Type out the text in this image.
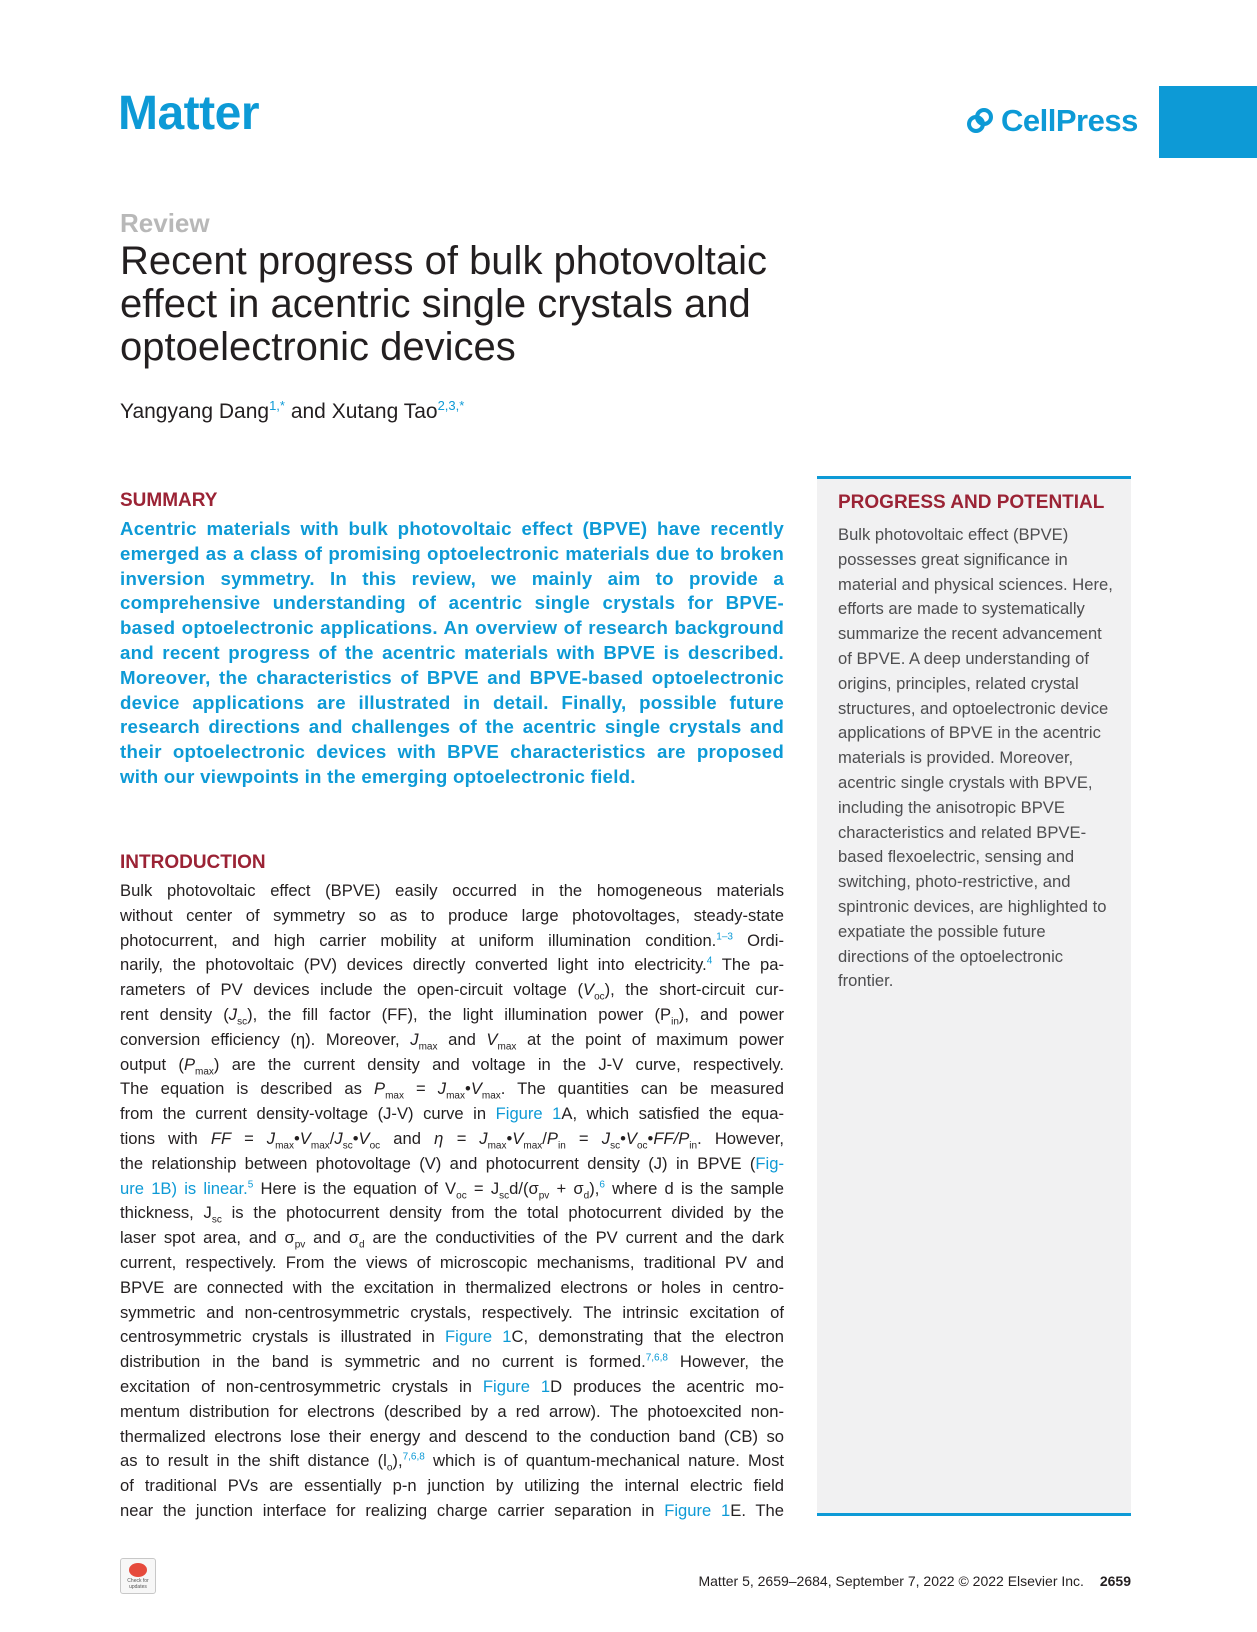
Matter	CellPress

Review

Recent progress of bulk photovoltaic effect in acentric single crystals and optoelectronic devices

Yangyang Dang$^{1,*}$ and Xutang Tao$^{2,3,*}$

SUMMARY

Acentric materials with bulk photovoltaic effect (BPVE) have recently emerged as a class of promising optoelectronic materials due to broken inversion symmetry. In this review, we mainly aim to provide a comprehensive understanding of acentric single crystals for BPVE-based optoelectronic applications. An overview of research background and recent progress of the acentric materials with BPVE is described. Moreover, the characteristics of BPVE and BPVE-based optoelectronic device applications are illustrated in detail. Finally, possible future research directions and challenges of the acentric single crystals and their optoelectronic devices with BPVE characteristics are proposed with our viewpoints in the emerging optoelectronic field.

INTRODUCTION
Bulk photovoltaic effect (BPVE) easily occurred in the homogeneous materials
without center of symmetry so as to produce large photovoltages, steady-state
photocurrent, and high carrier mobility at uniform illumination condition.$^{1-3}$ Ordi-
narily, the photovoltaic (PV) devices directly converted light into electricity.$^4$ The pa-
rameters of PV devices include the open-circuit voltage $(V_{oc})$, the short-circuit cur-
rent density $(J_{sc})$, the fill factor (FF), the light illumination power $(P_{in})$, and power
conversion efficiency (η). Moreover, $J_{max}$ and $V_{max}$ at the point of maximum power
output $(P_{max})$ are the current density and voltage in the J-V curve, respectively.
The equation is described as $P_{max}$ = $J_{max}•V_{max}$. The quantities can be measured
from the current density-voltage (J-V) curve in Figure 1A, which satisfied the equa-
tions with FF = $J_{max}•V_{max}/J_{sc}•V_{oc}$ and $\eta = J_{max}•V_{max}/P_{in}$ = $J_{sc}•V_{oc}•FF/P_{in}$. However,
the relationship between photovoltage (V) and photocurrent density (J) in BPVE (Fig-
ure 1B) is linear.$^5$ Here is the equation of $V_{oc} = J_{sc}d/(\sigma_{pv} + \sigma_d),^6$ where d is the sample
thickness, $J_{sc}$ is the photocurrent density from the total photocurrent divided by the
laser spot area, and $\sigma_{pv}$ and $\sigma_d$ are the conductivities of the PV current and the dark
current, respectively. From the views of microscopic mechanisms, traditional PV and
BPVE are connected with the excitation in thermalized electrons or holes in centro-
symmetric and non-centrosymmetric crystals, respectively. The intrinsic excitation of
centrosymmetric crystals is illustrated in Figure 1C, demonstrating that the electron
distribution in the band is symmetric and no current is formed.$^{7,6,8}$ However, the
excitation of non-centrosymmetric crystals in Figure 1D produces the acentric mo-
mentum distribution for electrons (described by a red arrow). The photoexcited non-
thermalized electrons lose their energy and descend to the conduction band (CB) so
as to result in the shift distance $(l_o),^{7,6,8}$ which is of quantum-mechanical nature. Most
of traditional PVs are essentially p-n junction by utilizing the internal electric field
near the junction interface for realizing charge carrier separation in Figure 1E. The
PROGRESS AND POTENTIAL

Bulk photovoltaic effect (BPVE) possesses great significance in material and physical sciences. Here, efforts are made to systematically summarize the recent advancement of BPVE. A deep understanding of origins, principles, related crystal structures, and optoelectronic device applications of BPVE in the acentric materials is provided. Moreover, acentric single crystals with BPVE, including the anisotropic BPVE characteristics and related BPVE-based flexoelectric, sensing and switching, photo-restrictive, and spintronic devices, are highlighted to expatiate the possible future directions of the optoelectronic frontier.

Check for updates	Matter 5, 2659–2684, September 7, 2022 © 2022 Elsevier Inc. 2659
